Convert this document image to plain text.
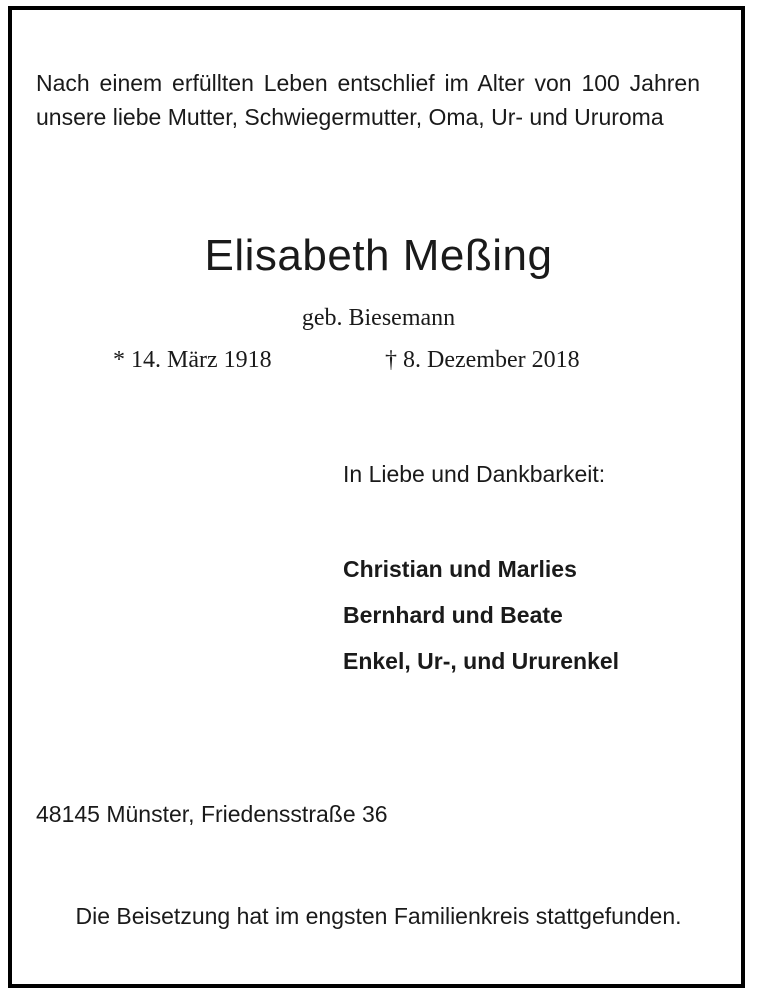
Nach einem erfüllten Leben entschlief im Alter von 100 Jahren unsere liebe Mutter, Schwiegermutter, Oma, Ur- und Ururoma

Elisabeth Meßing

geb. Biesemann

* 14. März 1918	† 8. Dezember 2018

In Liebe und Dankbarkeit:

Christian und Marlies
Bernhard und Beate
Enkel, Ur-, und Ururenkel

48145 Münster, Friedensstraße 36

Die Beisetzung hat im engsten Familienkreis stattgefunden.
